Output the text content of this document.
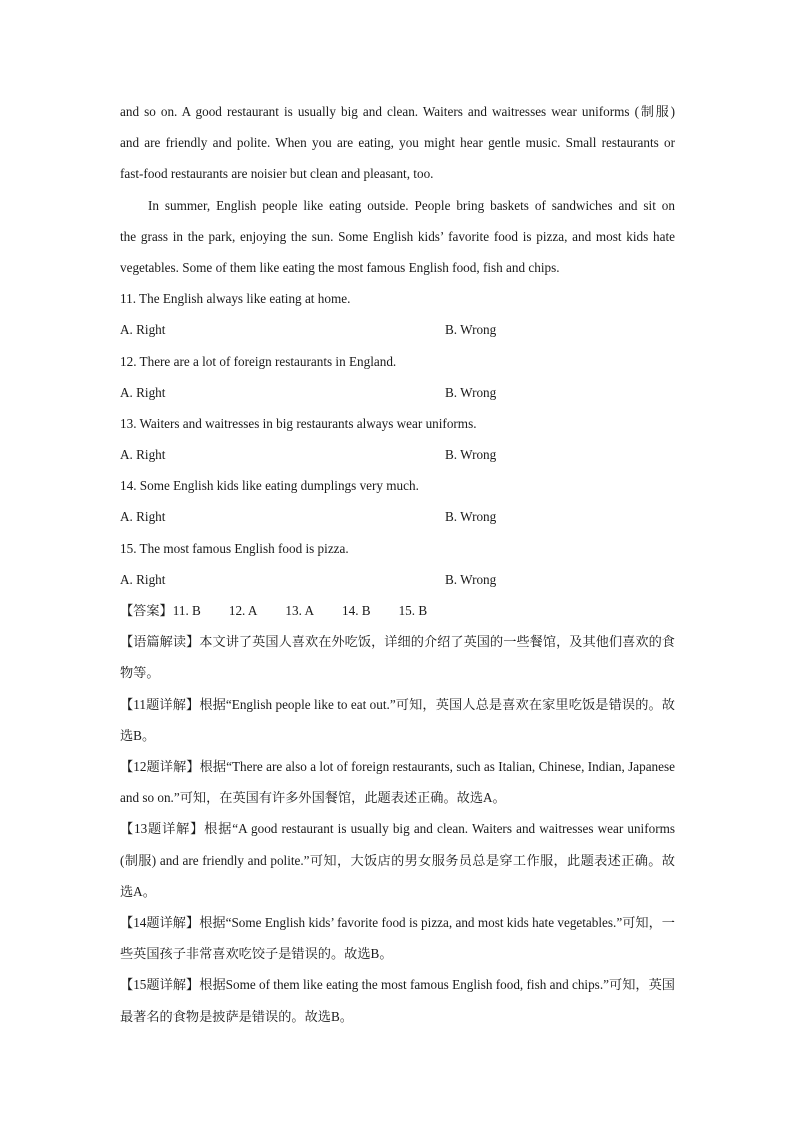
and so on. A good restaurant is usually big and clean. Waiters and waitresses wear uniforms (制服)
and are friendly and polite. When you are eating, you might hear gentle music. Small restaurants or
fast-food restaurants are noisier but clean and pleasant, too.
In summer, English people like eating outside. People bring baskets of sandwiches and sit on
the grass in the park, enjoying the sun. Some English kids’ favorite food is pizza, and most kids hate
vegetables. Some of them like eating the most famous English food, fish and chips.
11. The English always like eating at home.
A. Right	B. Wrong
12. There are a lot of foreign restaurants in England.
A. Right	B. Wrong
13. Waiters and waitresses in big restaurants always wear uniforms.
A. Right	B. Wrong
14. Some English kids like eating dumplings very much.
A. Right	B. Wrong
15. The most famous English food is pizza.
A. Right	B. Wrong
【答案】11. B 12. A 13. A 14. B 15. B
【语篇解读】本文讲了英国人喜欢在外吃饭，详细的介绍了英国的一些餐馆，及其他们喜欢的食物等。
【11题详解】根据“English people like to eat out.”可知，英国人总是喜欢在家里吃饭是错误的。故选B。
【12题详解】根据“There are also a lot of foreign restaurants, such as Italian, Chinese, Indian, Japanese and so on.”可知，在英国有许多外国餐馆，此题表述正确。故选A。
【13题详解】根据“A good restaurant is usually big and clean. Waiters and waitresses wear uniforms (制服) and are friendly and polite.”可知，大饭店的男女服务员总是穿工作服，此题表述正确。故选A。
【14题详解】根据“Some English kids’ favorite food is pizza, and most kids hate vegetables.”可知，一些英国孩子非常喜欢吃饺子是错误的。故选B。
【15题详解】根据Some of them like eating the most famous English food, fish and chips.”可知，英国最著名的食物是披萨是错误的。故选B。
